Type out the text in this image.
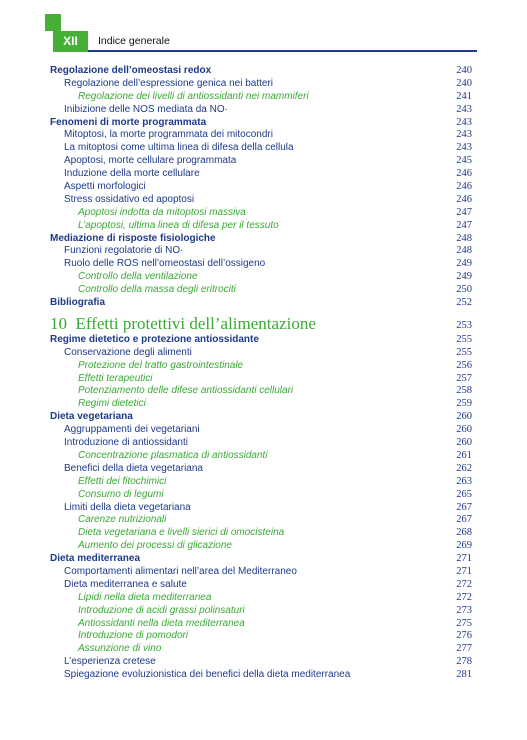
XII	Indice generale
Regolazione dell’omeostasi redox	240
Regolazione dell’espressione genica nei batteri	240
Regolazione dei livelli di antiossidanti nei mammiferi	241
Inibizione delle NOS mediata da NO·	243
Fenomeni di morte programmata	243
Mitoptosi, la morte programmata dei mitocondri	243
La mitoptosi come ultima linea di difesa della cellula	243
Apoptosi, morte cellulare programmata	245
Induzione della morte cellulare	246
Aspetti morfologici	246
Stress ossidativo ed apoptosi	246
Apoptosi indotta da mitoptosi massiva	247
L’apoptosi, ultima linea di difesa per il tessuto	247
Mediazione di risposte fisiologiche	248
Funzioni regolatorie di NO·	248
Ruolo delle ROS nell’omeostasi dell’ossigeno	249
Controllo della ventilazione	249
Controllo della massa degli eritrociti	250
Bibliografia	252
10 Effetti protettivi dell’alimentazione	253
Regime dietetico e protezione antiossidante	255
Conservazione degli alimenti	255
Protezione del tratto gastrointestinale	256
Effetti terapeutici	257
Potenziamento delle difese antiossidanti cellulari	258
Regimi dietetici	259
Dieta vegetariana	260
Aggruppamenti dei vegetariani	260
Introduzione di antiossidanti	260
Concentrazione plasmatica di antiossidanti	261
Benefici della dieta vegetariana	262
Effetti dei fitochimici	263
Consumo di legumi	265
Limiti della dieta vegetariana	267
Carenze nutrizionali	267
Dieta vegetariana e livelli sierici di omocisteina	268
Aumento dei processi di glicazione	269
Dieta mediterranea	271
Comportamenti alimentari nell’area del Mediterraneo	271
Dieta mediterranea e salute	272
Lipidi nella dieta mediterranea	272
Introduzione di acidi grassi polinsaturi	273
Antiossidanti nella dieta mediterranea	275
Introduzione di pomodori	276
Assunzione di vino	277
L’esperienza cretese	278
Spiegazione evoluzionistica dei benefici della dieta mediterranea	281
